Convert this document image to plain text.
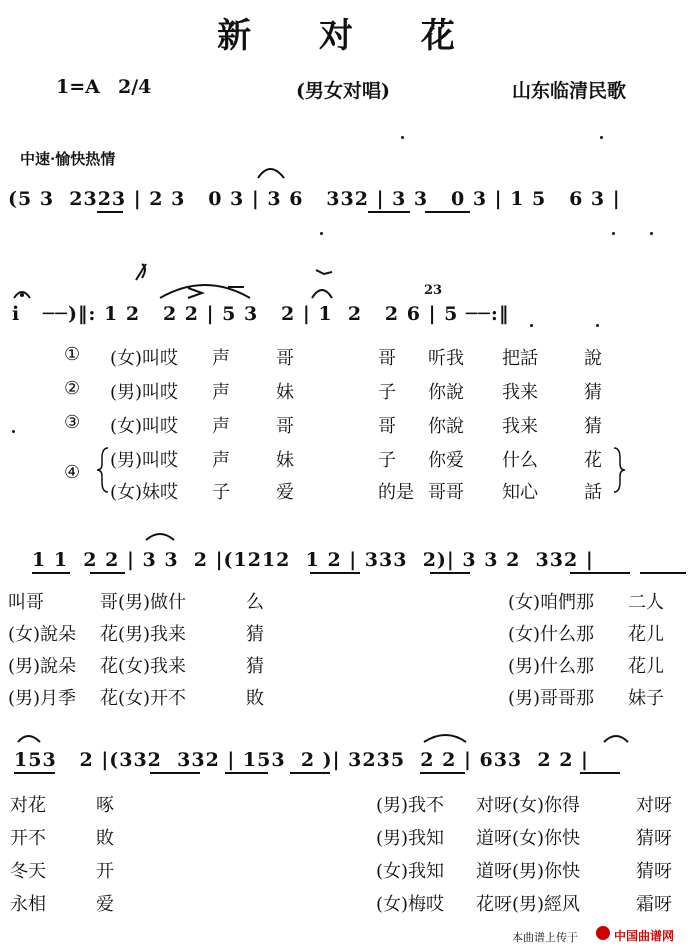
新 对 花
1=A 2/4	(男女对唱)	山东临清民歌
中速·愉快热情
(5 3  2323 | 2 3   0 3 | 3 6   332 | 3 3   0 3 | 1 5   6 3 |
i   ──)‖: 1 2   2 2 | 5 3   2 | 1  2   2 6 | 5 ──:‖
23
① (女)叫哎 声	哥	哥 听我 把話	說
② (男)叫哎 声	妹	子 你說 我来	猜
③ (女)叫哎 声	哥	哥 你說 我来	猜
④
(男)叫哎 声	妹	子 你爱 什么	花
(女)妹哎 子	爱	的是 哥哥 知心	話
1 1  2 2 | 3 3  2 |(1212  1 2 | 333  2)| 3 3 2  332 |
叫哥	哥(男)做什	么	(女)咱們那 二人
(女)說朵 花(男)我来	猜	(女)什么那 花儿
(男)說朵 花(女)我来	猜	(男)什么那 花儿
(男)月季 花(女)开不	敗	(男)哥哥那 妹子
153   2 |(332  332 | 153  2 )| 3235  2 2 | 633  2 2 |
对花	啄	(男)我不 对呀(女)你得	对呀
开不	敗	(男)我知 道呀(女)你快	猜呀
冬天	开	(女)我知 道呀(男)你快	猜呀
永相	爱	(女)梅哎 花呀(男)經风	霜呀
本曲谱上传于	中国曲谱网
